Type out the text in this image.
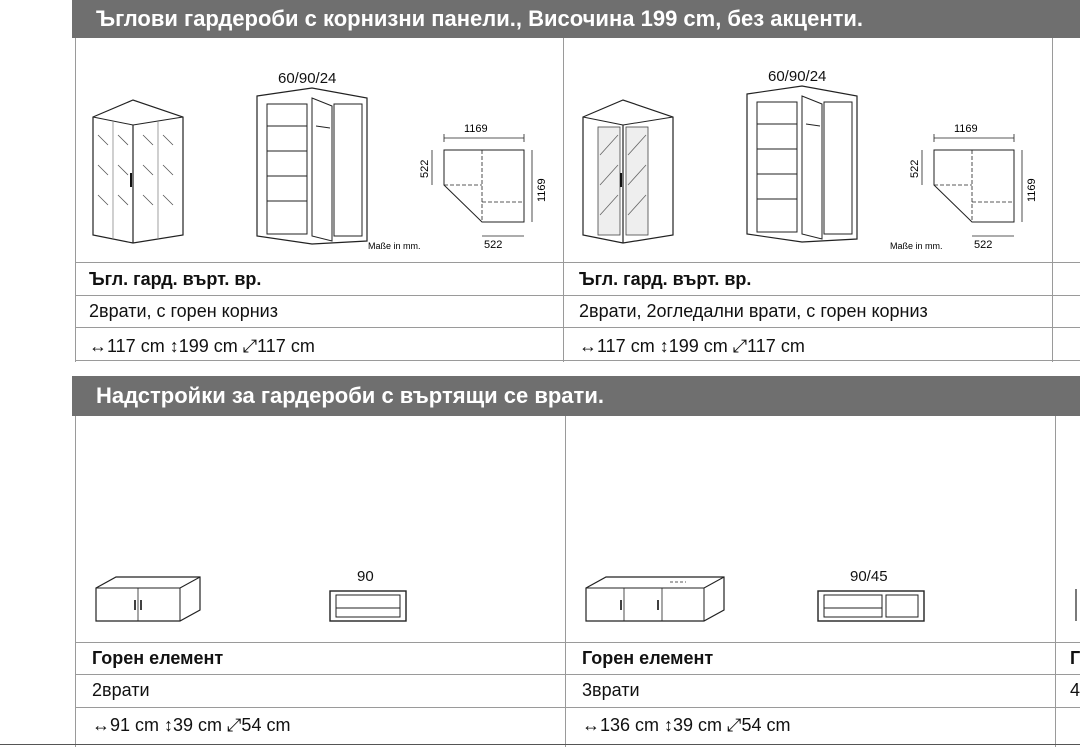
Ъглови гардероби с корнизни панели., Височина 199 cm, без акценти.
60/90/24
1169
522
1169
522
Maße in mm.
Ъгл. гард. върт. вр.
2врати, с горен корниз
↔117 cm ↕199 cm ⤢117 cm
60/90/24
1169
522
1169
522
Maße in mm.
Ъгл. гард. върт. вр.
2врати, 2огледални врати, с горен корниз
↔117 cm ↕199 cm ⤢117 cm
Надстройки за гардероби с въртящи се врати.
90
Горен елемент
2врати
↔91 cm ↕39 cm ⤢54 cm
90/45
Горен елемент
3врати
↔136 cm ↕39 cm ⤢54 cm
Г
4
